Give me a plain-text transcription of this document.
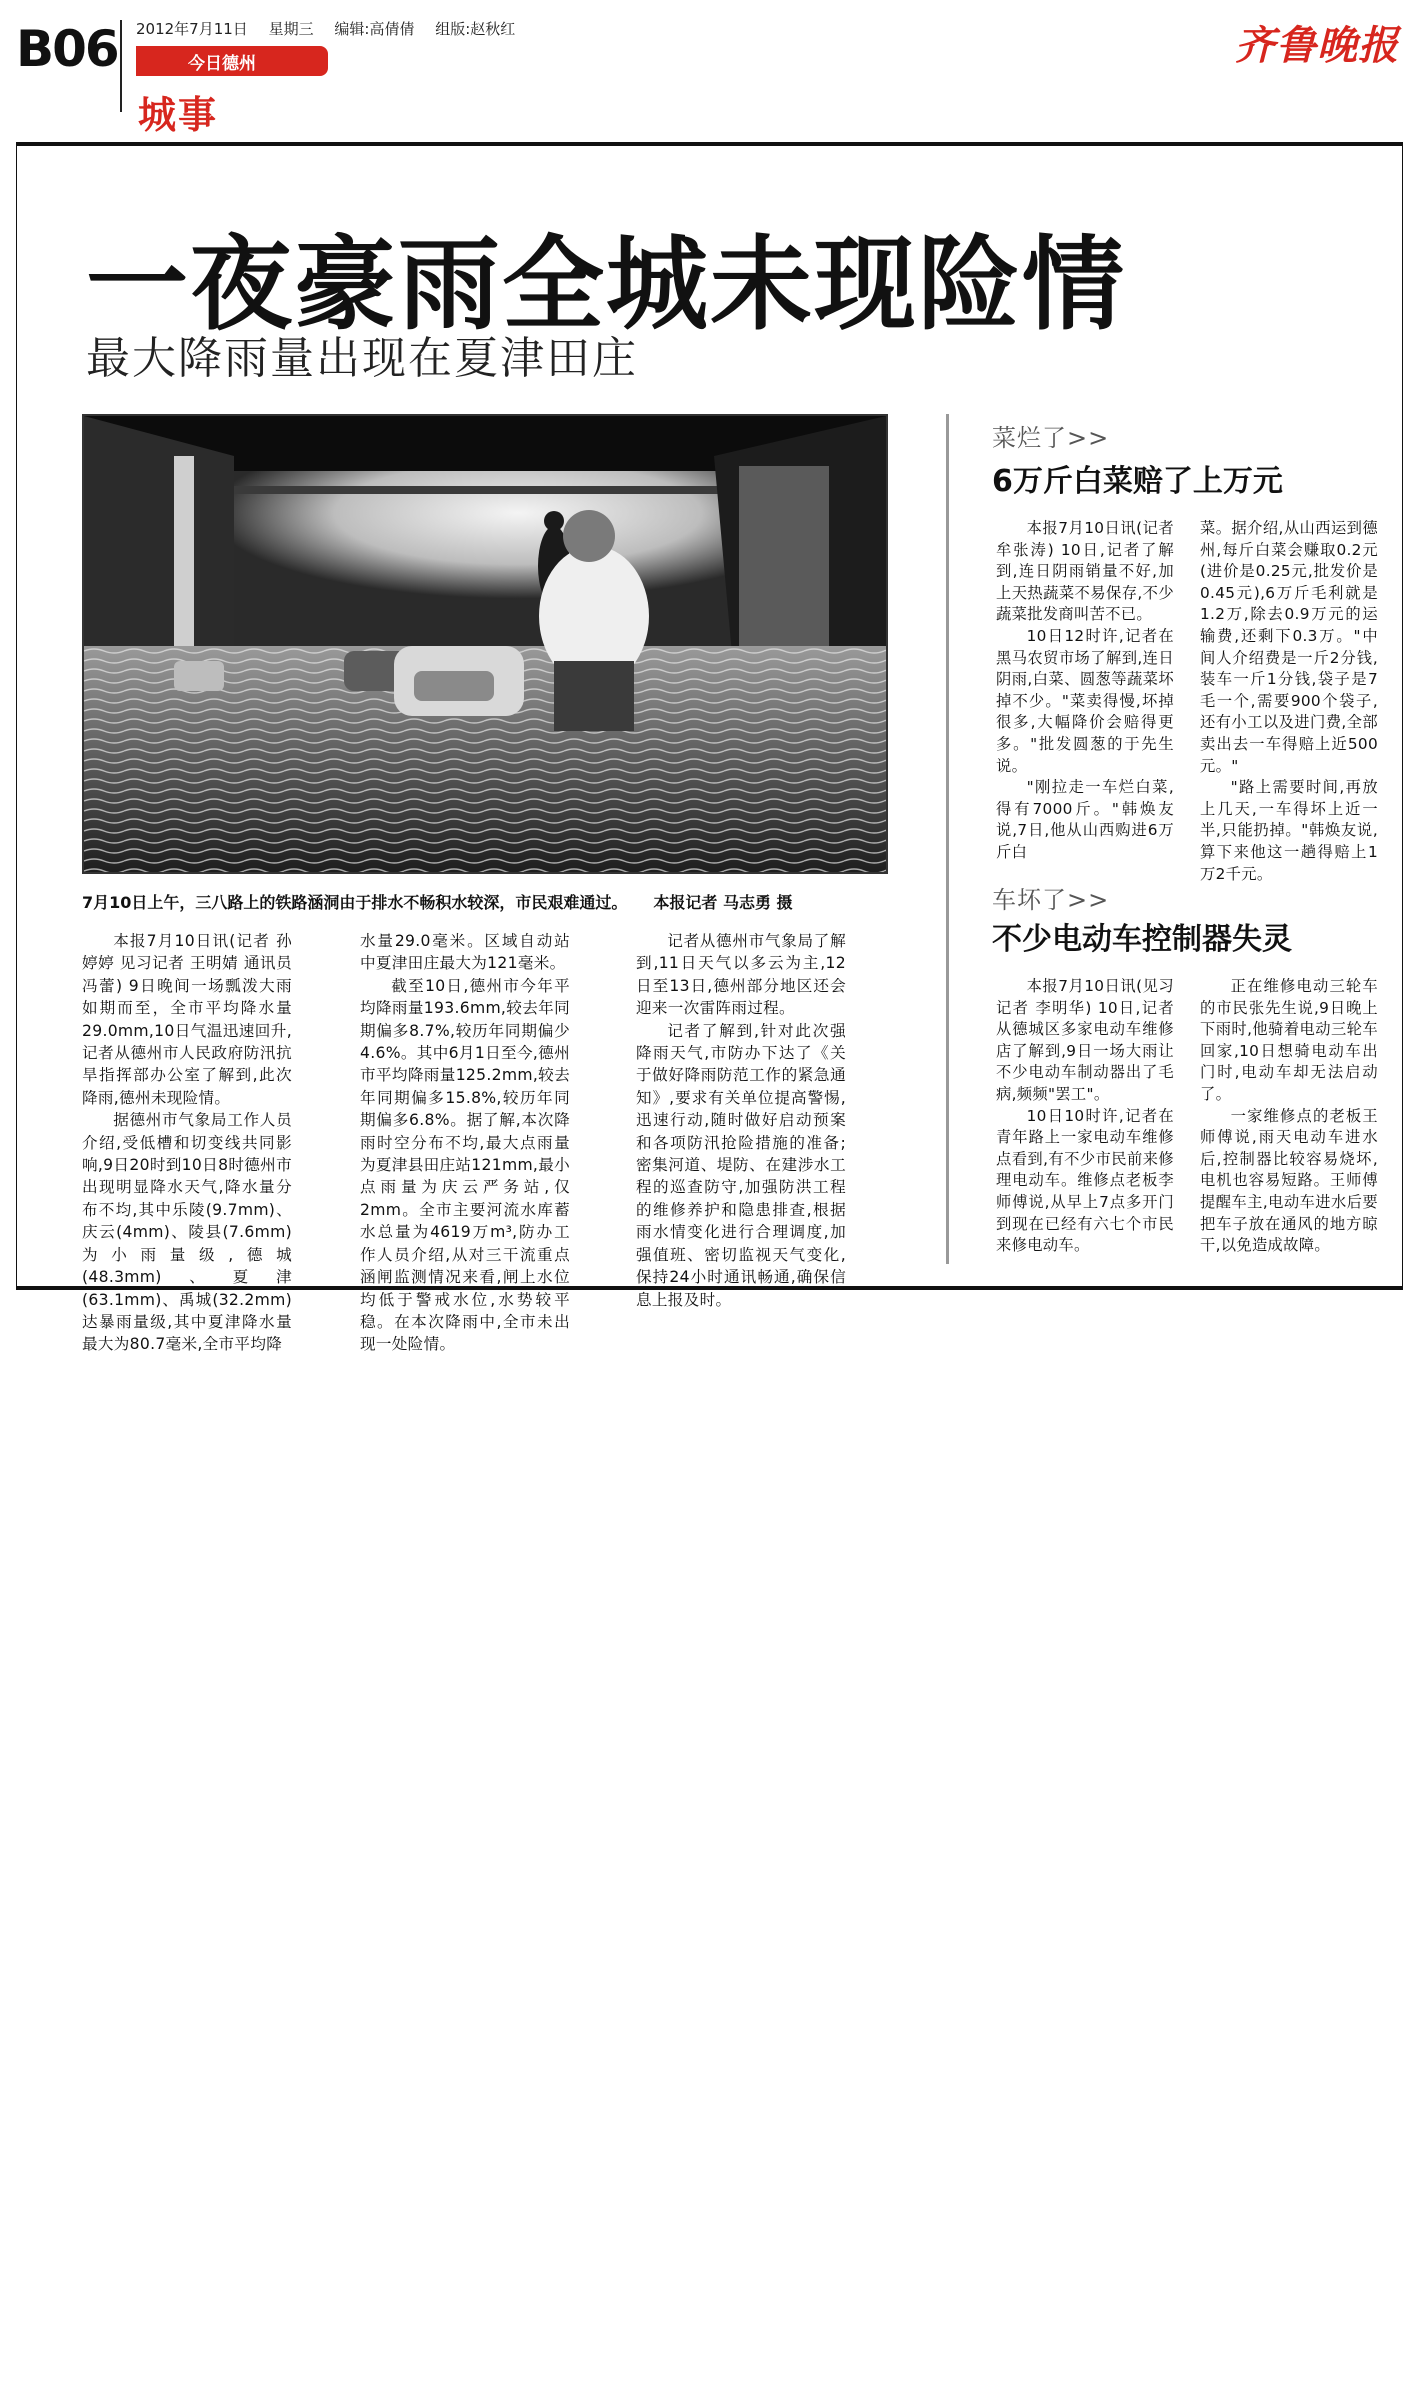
B06 2012年7月11日 星期三 编辑:高倩倩 组版:赵秋红
今日德州
城事
齐鲁晚报
一夜豪雨全城未现险情
最大降雨量出现在夏津田庄
7月10日上午，三八路上的铁路涵洞由于排水不畅积水较深，市民艰难通过。 本报记者 马志勇 摄

本报7月10日讯(记者 孙婷婷 见习记者 王明婧 通讯员 冯蕾) 9日晚间一场瓢泼大雨如期而至，全市平均降水量29.0mm,10日气温迅速回升,记者从德州市人民政府防汛抗旱指挥部办公室了解到,此次降雨,德州未现险情。

据德州市气象局工作人员介绍,受低槽和切变线共同影响,9日20时到10日8时德州市出现明显降水天气,降水量分布不均,其中乐陵(9.7mm)、庆云(4mm)、陵县(7.6mm)为小雨量级,德城(48.3mm)、夏津(63.1mm)、禹城(32.2mm)达暴雨量级,其中夏津降水量最大为80.7毫米,全市平均降

水量29.0毫米。区域自动站中夏津田庄最大为121毫米。

截至10日,德州市今年平均降雨量193.6mm,较去年同期偏多8.7%,较历年同期偏少4.6%。其中6月1日至今,德州市平均降雨量125.2mm,较去年同期偏多15.8%,较历年同期偏多6.8%。据了解,本次降雨时空分布不均,最大点雨量为夏津县田庄站121mm,最小点雨量为庆云严务站,仅2mm。全市主要河流水库蓄水总量为4619万m³,防办工作人员介绍,从对三干流重点涵闸监测情况来看,闸上水位均低于警戒水位,水势较平稳。在本次降雨中,全市未出现一处险情。

记者从德州市气象局了解到,11日天气以多云为主,12日至13日,德州部分地区还会迎来一次雷阵雨过程。

记者了解到,针对此次强降雨天气,市防办下达了《关于做好降雨防范工作的紧急通知》,要求有关单位提高警惕,迅速行动,随时做好启动预案和各项防汛抢险措施的准备;密集河道、堤防、在建涉水工程的巡查防守,加强防洪工程的维修养护和隐患排查,根据雨水情变化进行合理调度,加强值班、密切监视天气变化,保持24小时通讯畅通,确保信息上报及时。

菜烂了>>
6万斤白菜赔了上万元

本报7月10日讯(记者 牟张涛) 10日,记者了解到,连日阴雨销量不好,加上天热蔬菜不易保存,不少蔬菜批发商叫苦不已。

10日12时许,记者在黑马农贸市场了解到,连日阴雨,白菜、圆葱等蔬菜坏掉不少。"菜卖得慢,坏掉很多,大幅降价会赔得更多。"批发圆葱的于先生说。

"刚拉走一车烂白菜,得有7000斤。"韩焕友说,7日,他从山西购进6万斤白

菜。据介绍,从山西运到德州,每斤白菜会赚取0.2元(进价是0.25元,批发价是0.45元),6万斤毛利就是1.2万,除去0.9万元的运输费,还剩下0.3万。"中间人介绍费是一斤2分钱,装车一斤1分钱,袋子是7毛一个,需要900个袋子,还有小工以及进门费,全部卖出去一车得赔上近500元。"

"路上需要时间,再放上几天,一车得坏上近一半,只能扔掉。"韩焕友说,算下来他这一趟得赔上1万2千元。

车坏了>>
不少电动车控制器失灵

本报7月10日讯(见习记者 李明华) 10日,记者从德城区多家电动车维修店了解到,9日一场大雨让不少电动车制动器出了毛病,频频"罢工"。

10日10时许,记者在青年路上一家电动车维修点看到,有不少市民前来修理电动车。维修点老板李师傅说,从早上7点多开门到现在已经有六七个市民来修电动车。

正在维修电动三轮车的市民张先生说,9日晚上下雨时,他骑着电动三轮车回家,10日想骑电动车出门时,电动车却无法启动了。

一家维修点的老板王师傅说,雨天电动车进水后,控制器比较容易烧坏,电机也容易短路。王师傅提醒车主,电动车进水后要把车子放在通风的地方晾干,以免造成故障。
